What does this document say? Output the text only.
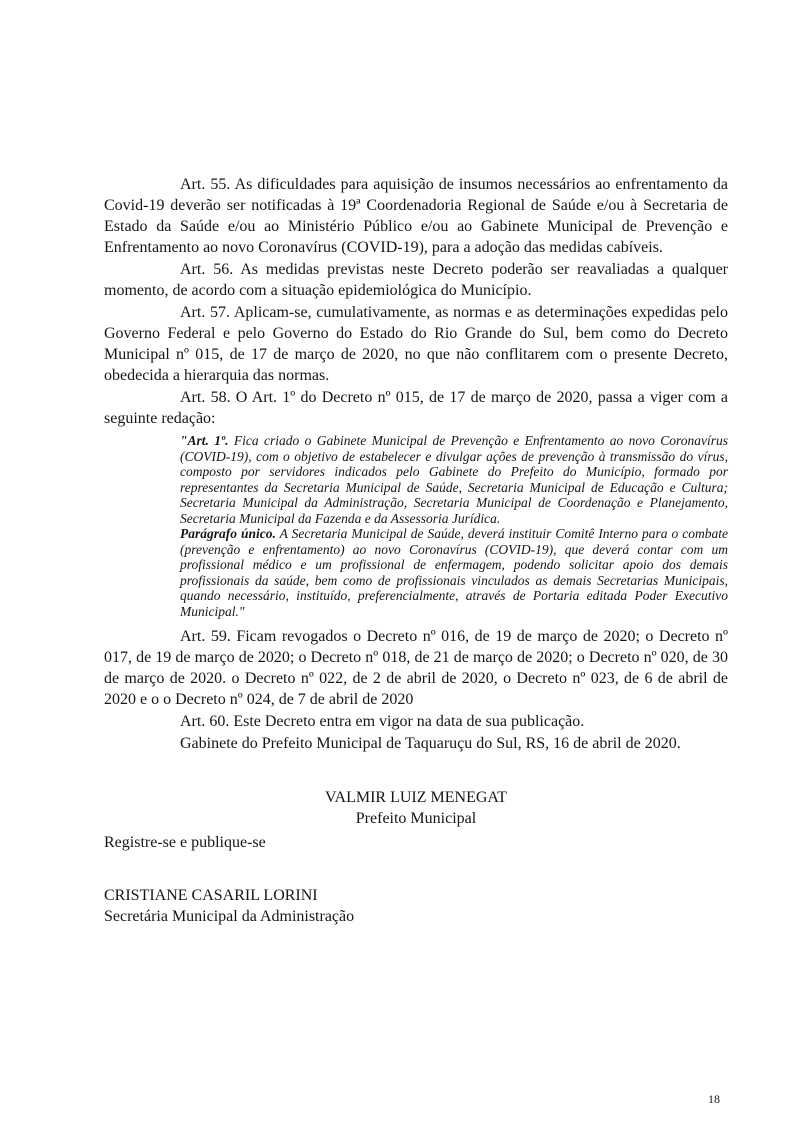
Art. 55. As dificuldades para aquisição de insumos necessários ao enfrentamento da Covid-19 deverão ser notificadas à 19ª Coordenadoria Regional de Saúde e/ou à Secretaria de Estado da Saúde e/ou ao Ministério Público e/ou ao Gabinete Municipal de Prevenção e Enfrentamento ao novo Coronavírus (COVID-19), para a adoção das medidas cabíveis.

Art. 56. As medidas previstas neste Decreto poderão ser reavaliadas a qualquer momento, de acordo com a situação epidemiológica do Município.

Art. 57. Aplicam-se, cumulativamente, as normas e as determinações expedidas pelo Governo Federal e pelo Governo do Estado do Rio Grande do Sul, bem como do Decreto Municipal nº 015, de 17 de março de 2020, no que não conflitarem com o presente Decreto, obedecida a hierarquia das normas.

Art. 58. O Art. 1º do Decreto nº 015, de 17 de março de 2020, passa a viger com a seguinte redação:

"Art. 1º. Fica criado o Gabinete Municipal de Prevenção e Enfrentamento ao novo Coronavírus (COVID-19), com o objetivo de estabelecer e divulgar ações de prevenção à transmissão do vírus, composto por servidores indicados pelo Gabinete do Prefeito do Município, formado por representantes da Secretaria Municipal de Saúde, Secretaria Municipal de Educação e Cultura; Secretaria Municipal da Administração, Secretaria Municipal de Coordenação e Planejamento, Secretaria Municipal da Fazenda e da Assessoria Jurídica.

Parágrafo único. A Secretaria Municipal de Saúde, deverá instituir Comitê Interno para o combate (prevenção e enfrentamento) ao novo Coronavírus (COVID-19), que deverá contar com um profissional médico e um profissional de enfermagem, podendo solicitar apoio dos demais profissionais da saúde, bem como de profissionais vinculados as demais Secretarias Municipais, quando necessário, instituído, preferencialmente, através de Portaria editada Poder Executivo Municipal."

Art. 59. Ficam revogados o Decreto nº 016, de 19 de março de 2020; o Decreto nº 017, de 19 de março de 2020; o Decreto nº 018, de 21 de março de 2020; o Decreto nº 020, de 30 de março de 2020. o Decreto nº 022, de 2 de abril de 2020, o Decreto nº 023, de 6 de abril de 2020 e o o Decreto nº 024, de 7 de abril de 2020

Art. 60. Este Decreto entra em vigor na data de sua publicação.

Gabinete do Prefeito Municipal de Taquaruçu do Sul, RS, 16 de abril de 2020.

VALMIR LUIZ MENEGAT

Prefeito Municipal

Registre-se e publique-se

CRISTIANE CASARIL LORINI

Secretária Municipal da Administração

18
